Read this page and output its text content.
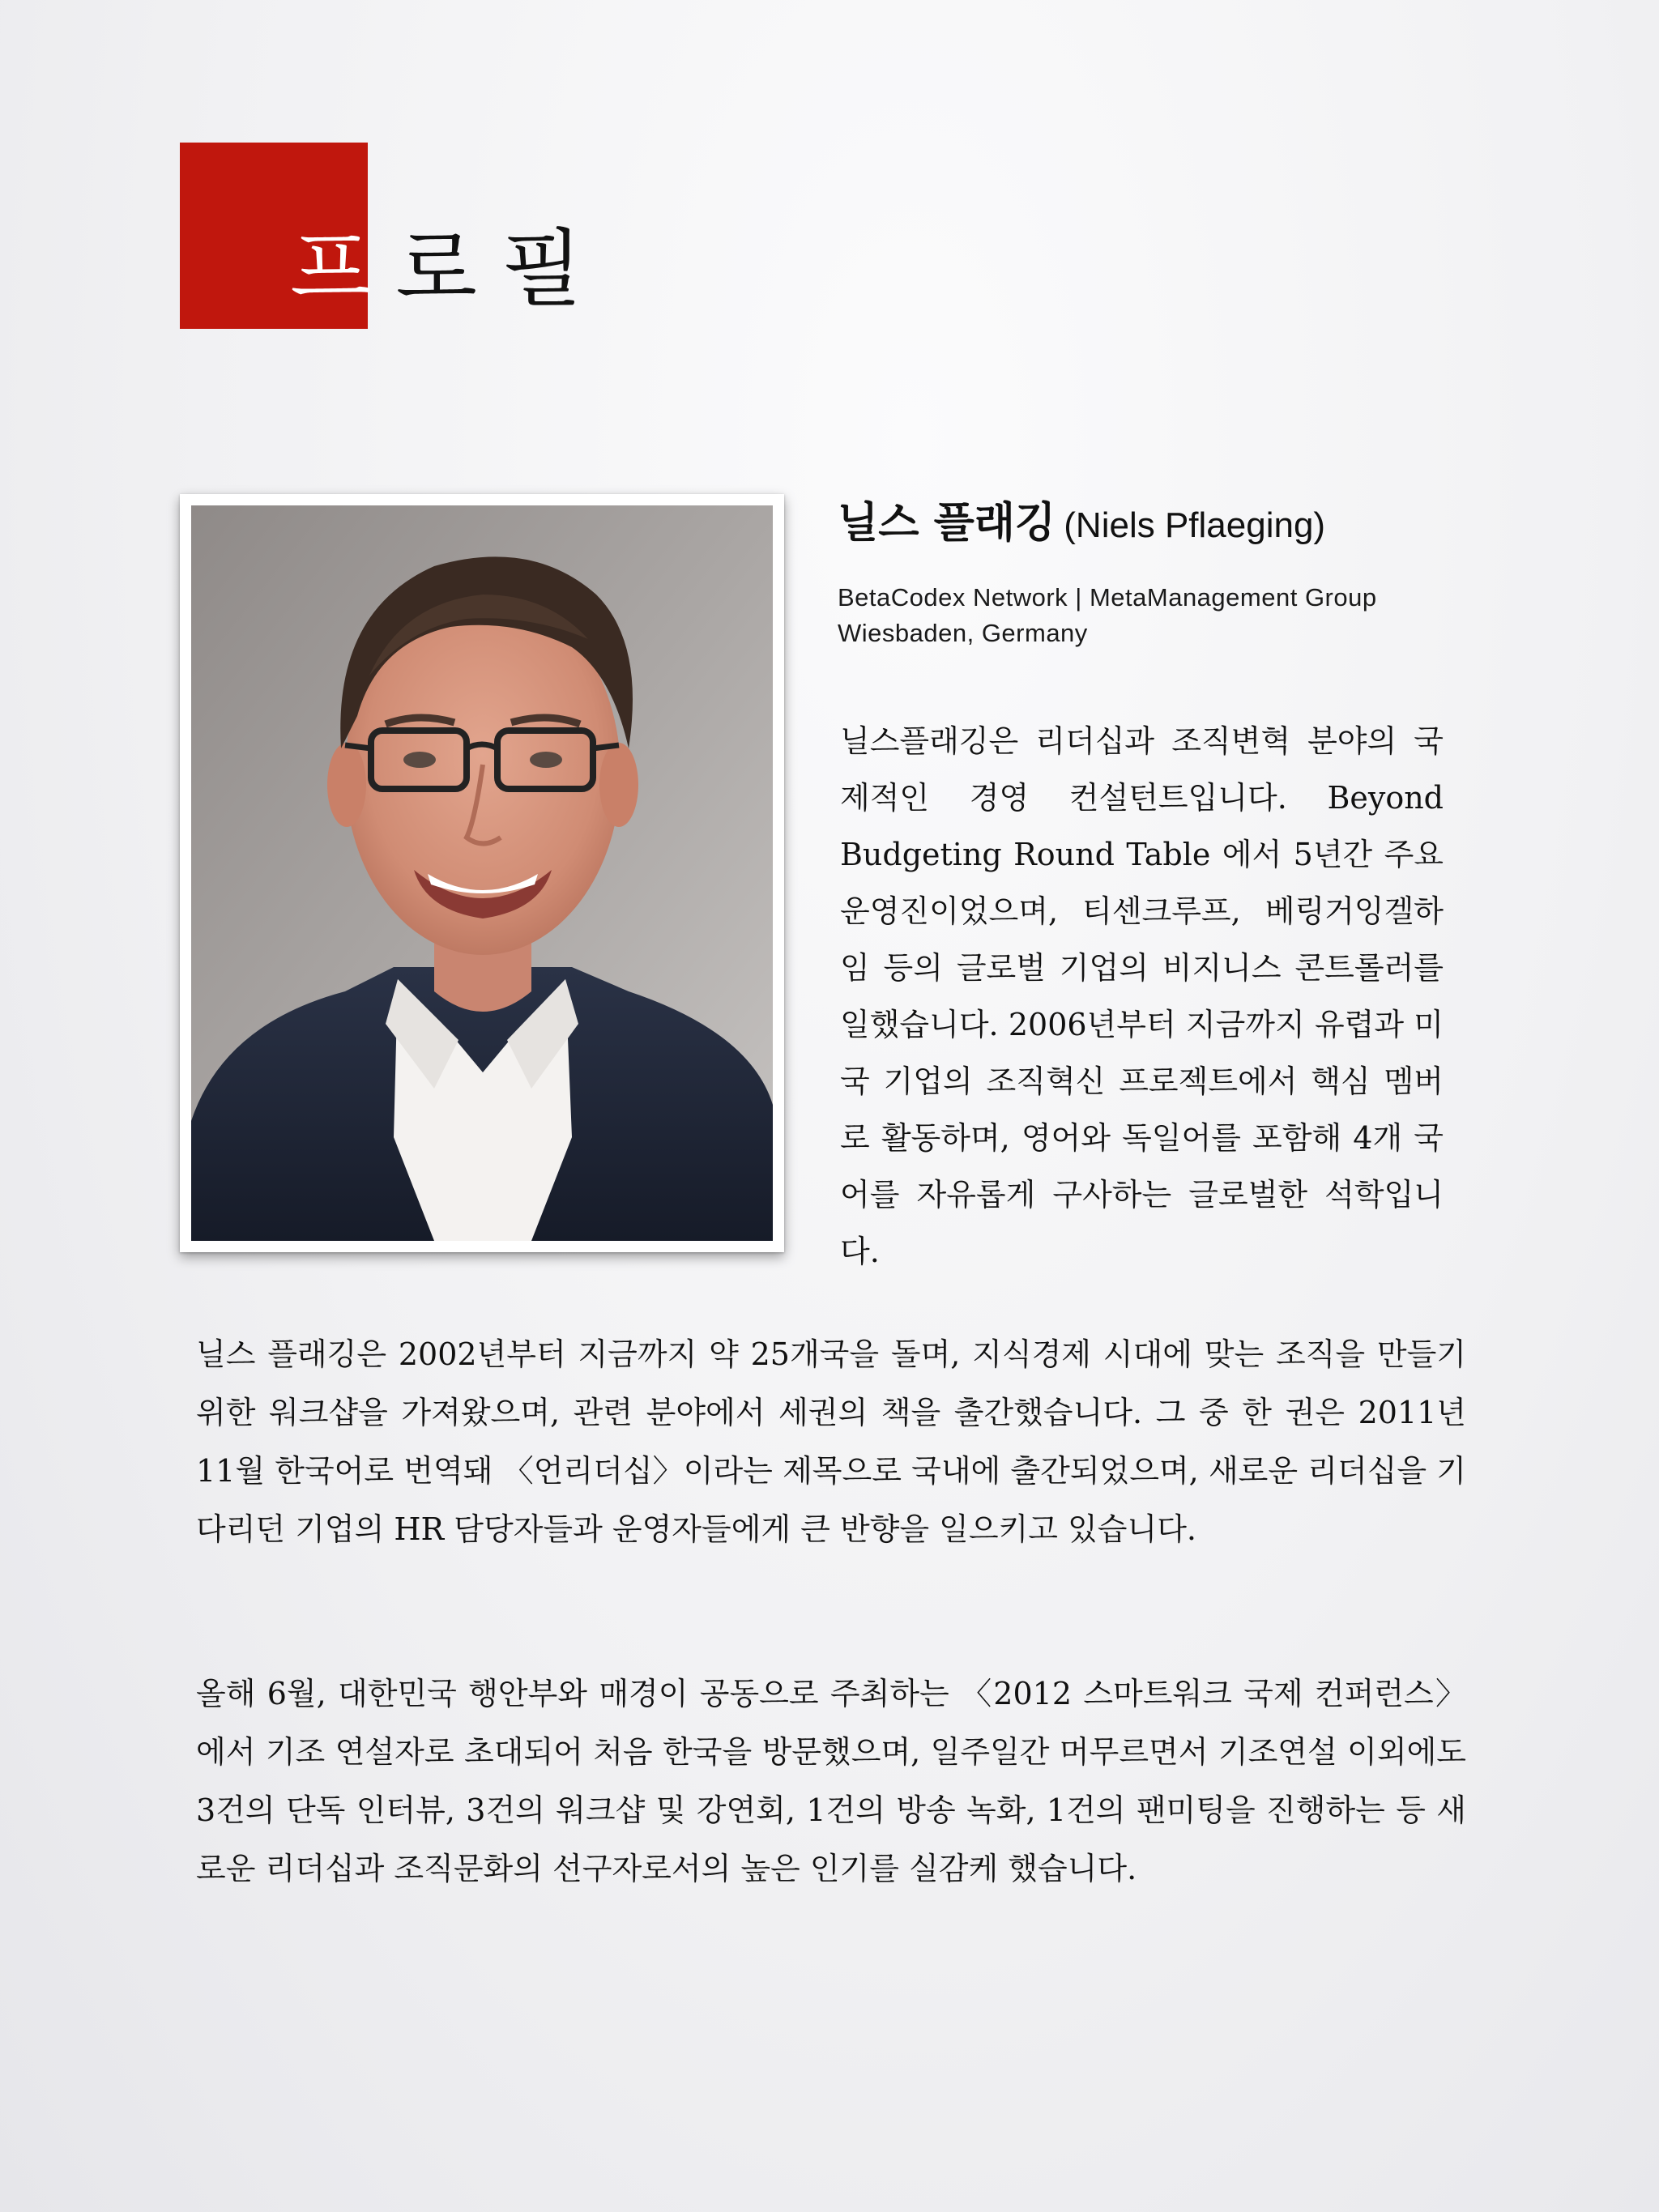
프로필
닐스 플래깅 (Niels Pflaeging)
BetaCodex Network | MetaManagement Group
Wiesbaden, Germany

닐스플래깅은 리더십과 조직변혁 분야의 국제적인 경영 컨설턴트입니다. Beyond Budgeting Round Table 에서 5년간 주요 운영진이었으며, 티센크루프, 베링거잉겔하임 등의 글로벌 기업의 비지니스 콘트롤러를 일했습니다. 2006년부터 지금까지 유렵과 미국 기업의 조직혁신 프로젝트에서 핵심 멤버로 활동하며, 영어와 독일어를 포함해 4개 국어를 자유롭게 구사하는 글로벌한 석학입니다.

닐스 플래깅은 2002년부터 지금까지 약 25개국을 돌며, 지식경제 시대에 맞는 조직을 만들기 위한 워크샵을 가져왔으며, 관련 분야에서 세권의 책을 출간했습니다. 그 중 한 권은 2011년 11월 한국어로 번역돼 〈언리더십〉이라는 제목으로 국내에 출간되었으며, 새로운 리더십을 기다리던 기업의 HR 담당자들과 운영자들에게 큰 반향을 일으키고 있습니다.

올해 6월, 대한민국 행안부와 매경이 공동으로 주최하는 〈2012 스마트워크 국제 컨퍼런스〉에서 기조 연설자로 초대되어 처음 한국을 방문했으며, 일주일간 머무르면서 기조연설 이외에도 3건의 단독 인터뷰, 3건의 워크샵 및 강연회, 1건의 방송 녹화, 1건의 팬미팅을 진행하는 등 새로운 리더십과 조직문화의 선구자로서의 높은 인기를 실감케 했습니다.
